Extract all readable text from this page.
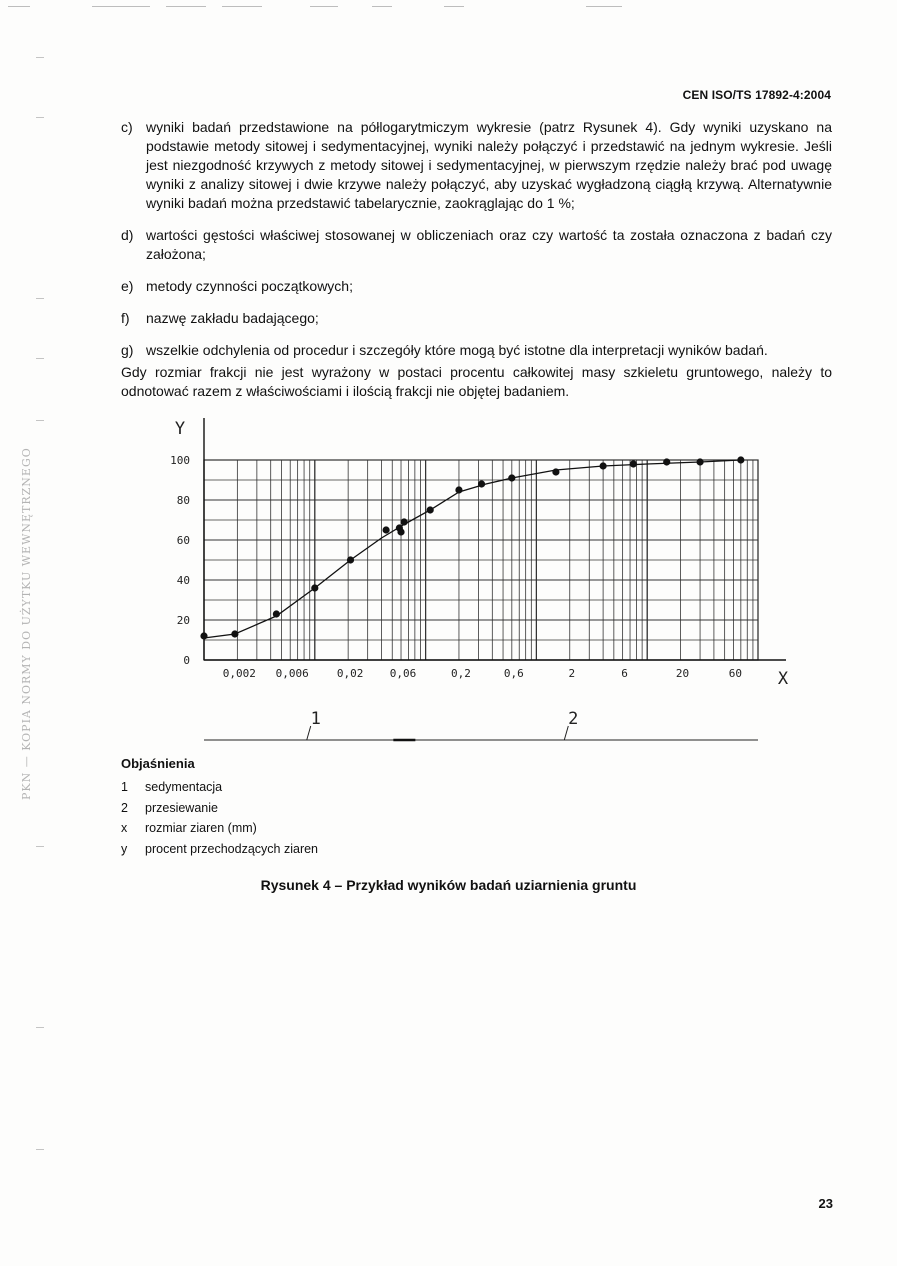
PKN — KOPIA NORMY DO UŻYTKU WEWNĘTRZNEGO
CEN ISO/TS 17892-4:2004
c) wyniki badań przedstawione na półlogarytmiczym wykresie (patrz Rysunek 4). Gdy wyniki uzyskano na podstawie metody sitowej i sedymentacyjnej, wyniki należy połączyć i przedstawić na jednym wykresie. Jeśli jest niezgodność krzywych z metody sitowej i sedymentacyjnej, w pierwszym rzędzie należy brać pod uwagę wyniki z analizy sitowej i dwie krzywe należy połączyć, aby uzyskać wygładzoną ciągłą krzywą. Alternatywnie wyniki badań można przedstawić tabelarycznie, zaokrąglając do 1 %;
d) wartości gęstości właściwej stosowanej w obliczeniach oraz czy wartość ta została oznaczona z badań czy założona;
e) metody czynności początkowych;
f)	nazwę zakładu badającego;
g) wszelkie odchylenia od procedur i szczegóły które mogą być istotne dla interpretacji wyników badań.
Gdy rozmiar frakcji nie jest wyrażony w postaci procentu całkowitej masy szkieletu gruntowego, należy to odnotować razem z właściwościami i ilością frakcji nie objętej badaniem.
Y
X
0
20
40
60
80
100
0,002 0,006	0,02 0,06	0,2	0,6	2	6	20	60
1	2
Objaśnienia
1	sedymentacja
2	przesiewanie
x	rozmiar ziaren (mm)
y	procent przechodzących ziaren
Rysunek 4 – Przykład wyników badań uziarnienia gruntu
23
